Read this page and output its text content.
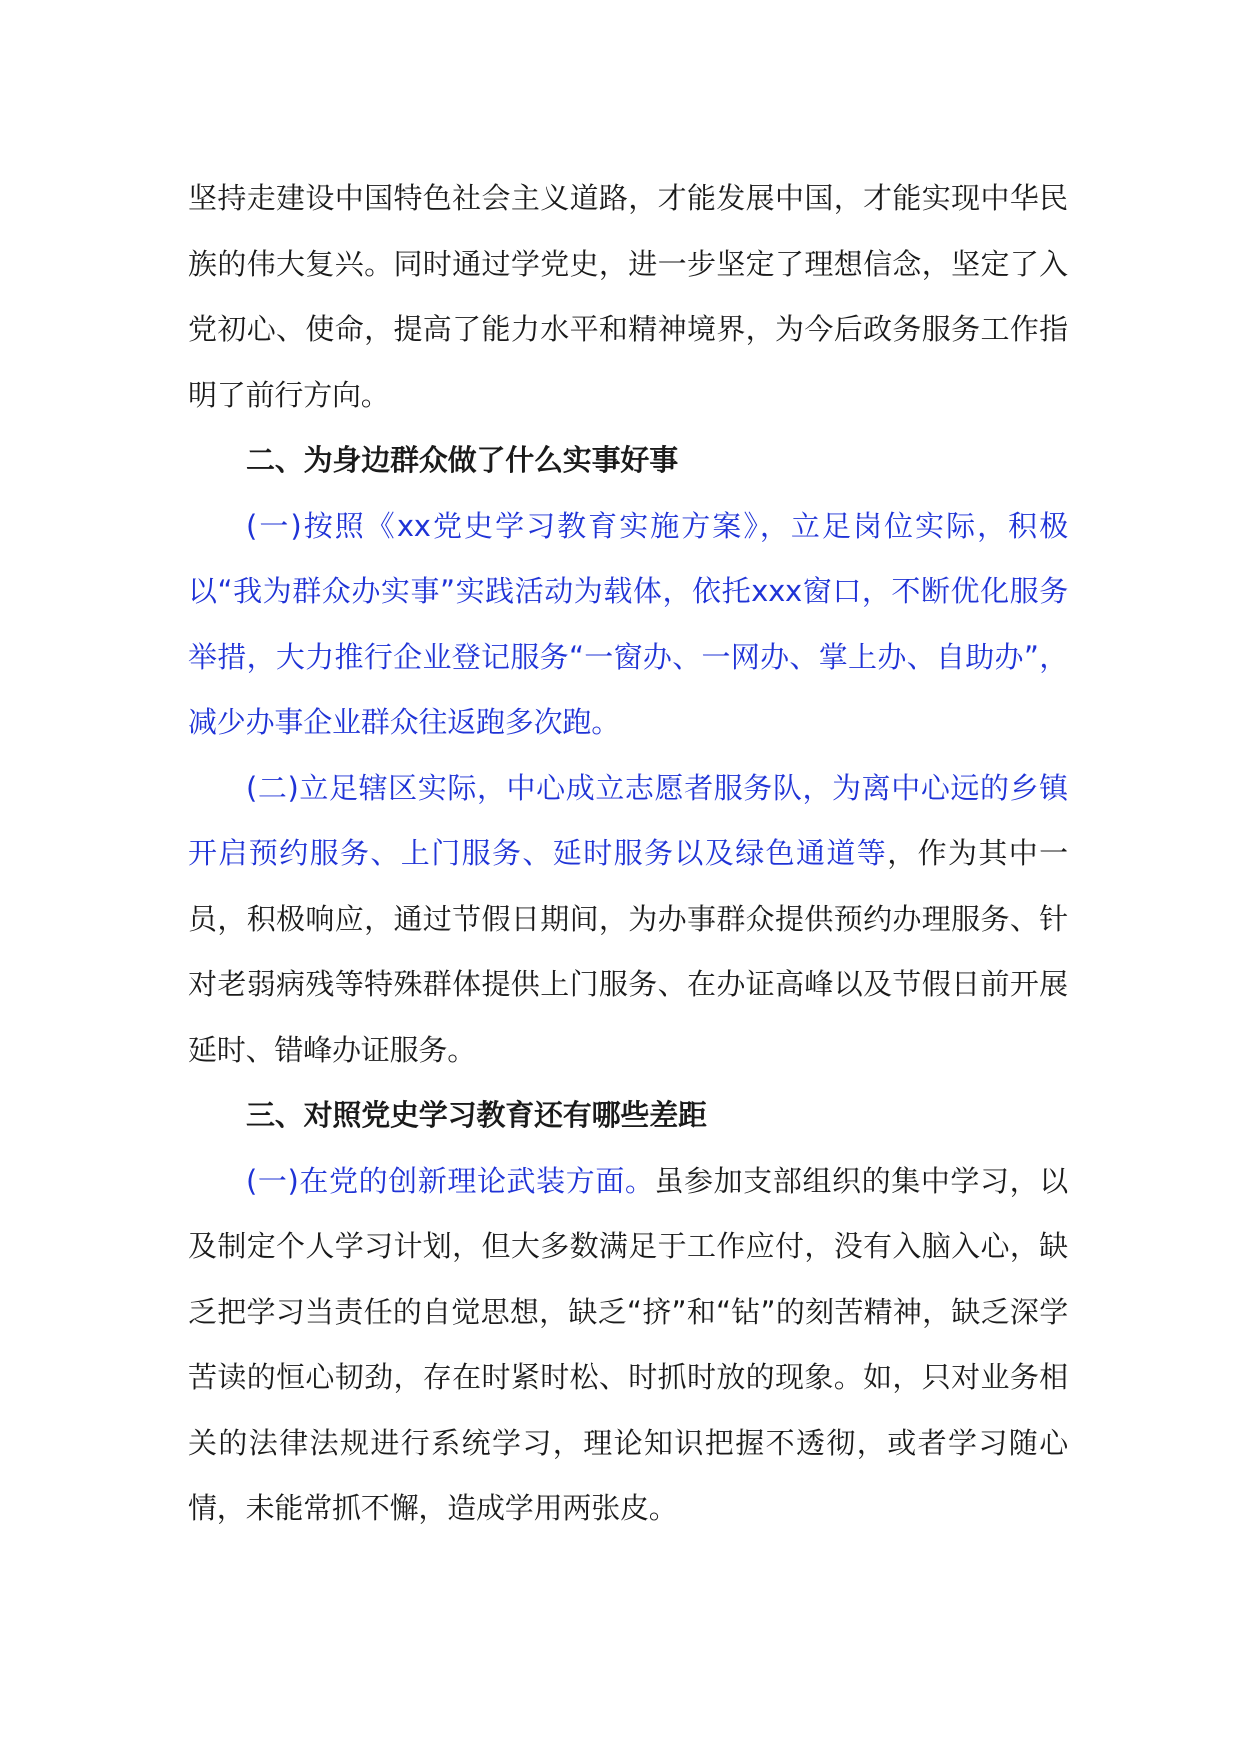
坚持走建设中国特色社会主义道路，才能发展中国，才能实现中华民族的伟大复兴。同时通过学党史，进一步坚定了理想信念，坚定了入党初心、使命，提高了能力水平和精神境界，为今后政务服务工作指明了前行方向。

二、为身边群众做了什么实事好事

(一)按照《xx党史学习教育实施方案》，立足岗位实际，积极以“我为群众办实事”实践活动为载体，依托xxx窗口，不断优化服务举措，大力推行企业登记服务“一窗办、一网办、掌上办、自助办”，减少办事企业群众往返跑多次跑。

(二)立足辖区实际，中心成立志愿者服务队，为离中心远的乡镇开启预约服务、上门服务、延时服务以及绿色通道等，作为其中一员，积极响应，通过节假日期间，为办事群众提供预约办理服务、针对老弱病残等特殊群体提供上门服务、在办证高峰以及节假日前开展延时、错峰办证服务。

三、对照党史学习教育还有哪些差距

(一)在党的创新理论武装方面。虽参加支部组织的集中学习，以及制定个人学习计划，但大多数满足于工作应付，没有入脑入心，缺乏把学习当责任的自觉思想，缺乏“挤”和“钻”的刻苦精神，缺乏深学苦读的恒心韧劲，存在时紧时松、时抓时放的现象。如，只对业务相关的法律法规进行系统学习，理论知识把握不透彻，或者学习随心情，未能常抓不懈，造成学用两张皮。
